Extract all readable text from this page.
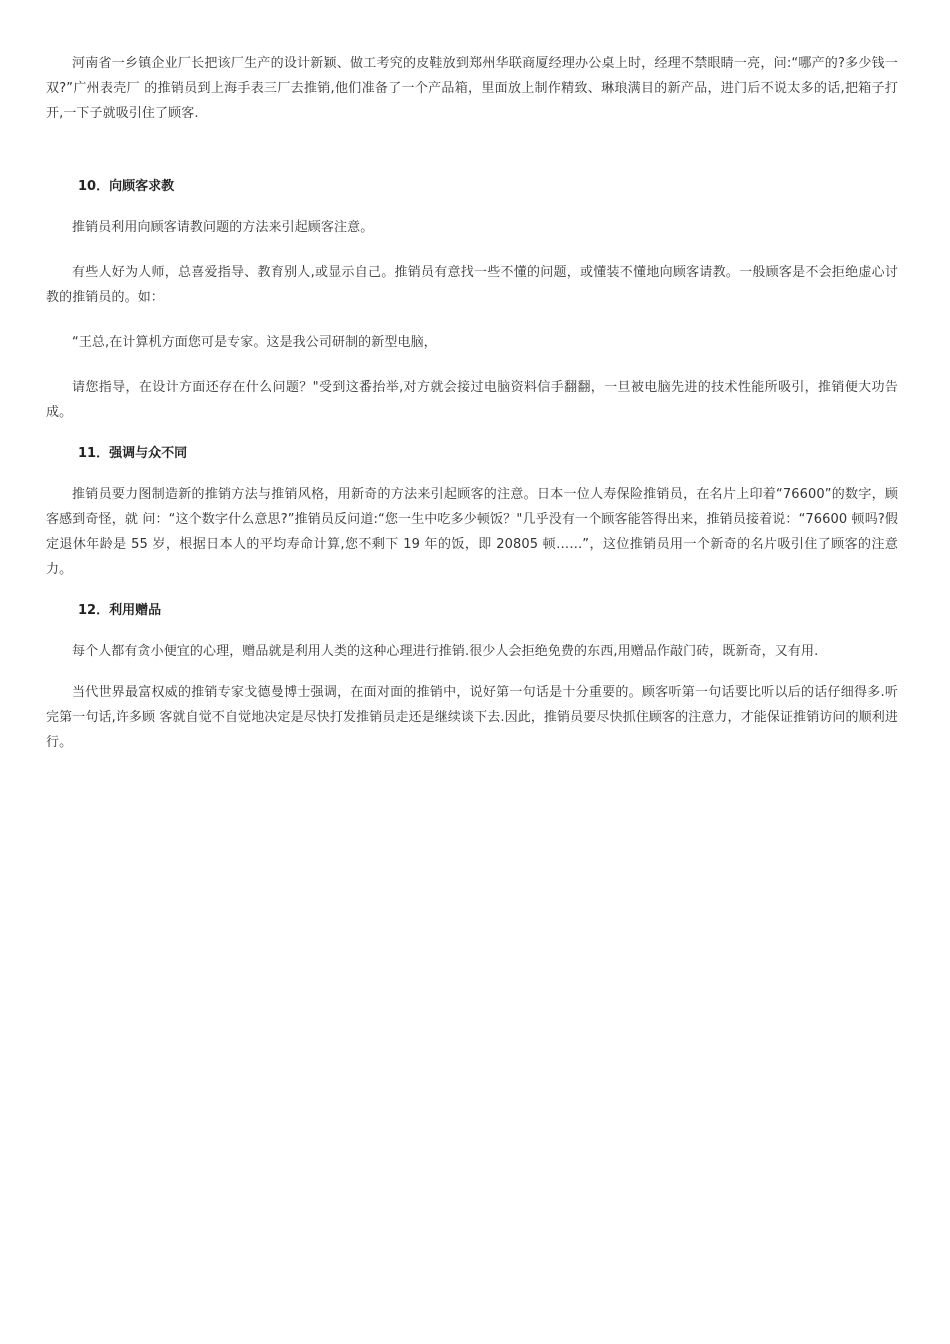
河南省一乡镇企业厂长把该厂生产的设计新颖、做工考究的皮鞋放到郑州华联商厦经理办公桌上时，经理不禁眼睛一亮，问:“哪产的?多少钱一双?”广州表壳厂 的推销员到上海手表三厂去推销,他们准备了一个产品箱，里面放上制作精致、琳琅满目的新产品，进门后不说太多的话,把箱子打开,一下子就吸引住了顾客.

10．向顾客求教

推销员利用向顾客请教问题的方法来引起顾客注意。

有些人好为人师，总喜爱指导、教育别人,或显示自己。推销员有意找一些不懂的问题，或懂装不懂地向顾客请教。一般顾客是不会拒绝虚心讨教的推销员的。如：

“王总,在计算机方面您可是专家。这是我公司研制的新型电脑，

请您指导，在设计方面还存在什么问题？"受到这番抬举,对方就会接过电脑资料信手翻翻，一旦被电脑先进的技术性能所吸引，推销便大功告成。

11．强调与众不同

推销员要力图制造新的推销方法与推销风格，用新奇的方法来引起顾客的注意。日本一位人寿保险推销员，在名片上印着“76600”的数字，顾客感到奇怪，就 问：“这个数字什么意思?”推销员反问道:“您一生中吃多少顿饭？"几乎没有一个顾客能答得出来，推销员接着说：“76600 顿吗?假定退休年龄是 55 岁，根据日本人的平均寿命计算,您不剩下 19 年的饭，即 20805 顿……”，这位推销员用一个新奇的名片吸引住了顾客的注意力。

12．利用赠品

每个人都有贪小便宜的心理，赠品就是利用人类的这种心理进行推销.很少人会拒绝免费的东西,用赠品作敲门砖，既新奇，又有用.

当代世界最富权威的推销专家戈德曼博士强调，在面对面的推销中，说好第一句话是十分重要的。顾客听第一句话要比听以后的话仔细得多.听完第一句话,许多顾 客就自觉不自觉地决定是尽快打发推销员走还是继续谈下去.因此，推销员要尽快抓住顾客的注意力，才能保证推销访问的顺利进行。
